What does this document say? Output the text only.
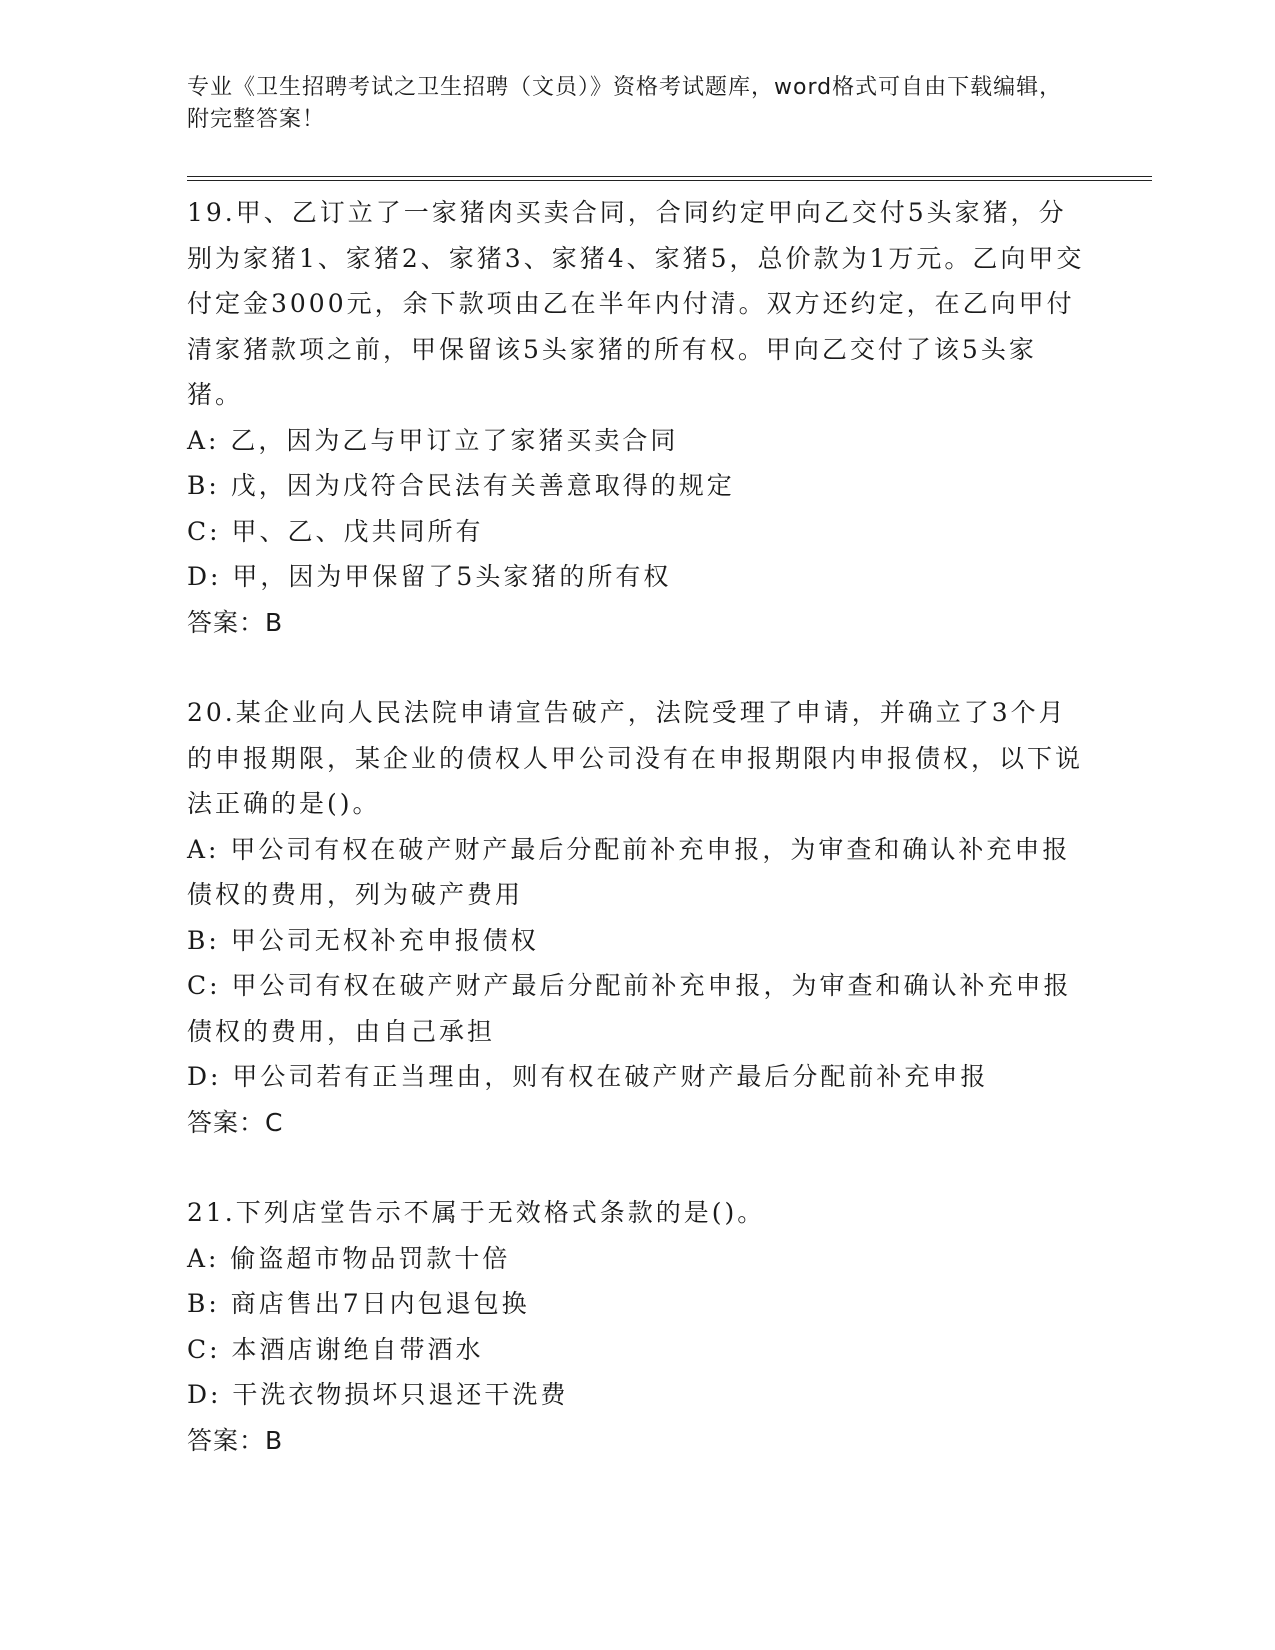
专业《卫生招聘考试之卫生招聘（文员）》资格考试题库，word格式可自由下载编辑，附完整答案！

19.甲、乙订立了一家猪肉买卖合同，合同约定甲向乙交付5头家猪，分别为家猪1、家猪2、家猪3、家猪4、家猪5，总价款为1万元。乙向甲交付定金3000元，余下款项由乙在半年内付清。双方还约定，在乙向甲付清家猪款项之前，甲保留该5头家猪的所有权。甲向乙交付了该5头家猪。

A: 乙，因为乙与甲订立了家猪买卖合同

B: 戊，因为戊符合民法有关善意取得的规定

C: 甲、乙、戊共同所有

D: 甲，因为甲保留了5头家猪的所有权

答案：B

20.某企业向人民法院申请宣告破产，法院受理了申请，并确立了3个月的申报期限，某企业的债权人甲公司没有在申报期限内申报债权，以下说法正确的是()。

A: 甲公司有权在破产财产最后分配前补充申报，为审查和确认补充申报债权的费用，列为破产费用

B: 甲公司无权补充申报债权

C: 甲公司有权在破产财产最后分配前补充申报，为审查和确认补充申报债权的费用，由自己承担

D: 甲公司若有正当理由，则有权在破产财产最后分配前补充申报

答案：C

21.下列店堂告示不属于无效格式条款的是()。

A: 偷盗超市物品罚款十倍

B: 商店售出7日内包退包换

C: 本酒店谢绝自带酒水

D: 干洗衣物损坏只退还干洗费

答案：B
